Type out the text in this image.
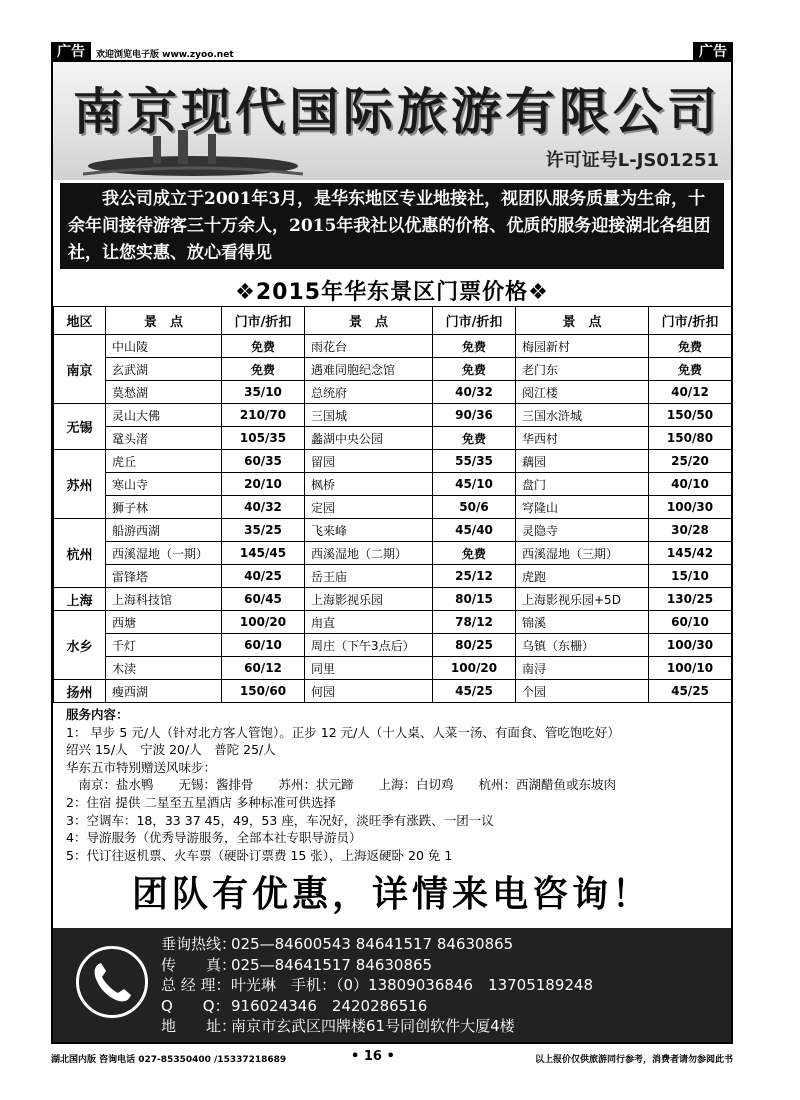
广告	欢迎浏览电子版 www.zyoo.net	广告
南京现代国际旅游有限公司
许可证号L-JS01251
我公司成立于2001年3月，是华东地区专业地接社，视团队服务质量为生命，十余年间接待游客三十万余人，2015年我社以优惠的价格、优质的服务迎接湖北各组团社，让您实惠、放心看得见
❖2015年华东景区门票价格❖
地区	景　点	门市/折扣	景　点	门市/折扣	景　点	门市/折扣
南京	中山陵	免费	雨花台	免费	梅园新村	免费
	玄武湖	免费	遇难同胞纪念馆	免费	老门东	免费
	莫愁湖	35/10	总统府	40/32	阅江楼	40/12
无锡	灵山大佛	210/70	三国城	90/36	三国水浒城	150/50
	鼋头渚	105/35	蠡湖中央公园	免费	华西村	150/80
苏州	虎丘	60/35	留园	55/35	藕园	25/20
	寒山寺	20/10	枫桥	45/10	盘门	40/10
	狮子林	40/32	定园	50/6	穹隆山	100/30
杭州	船游西湖	35/25	飞来峰	45/40	灵隐寺	30/28
	西溪湿地（一期）	145/45	西溪湿地（二期）	免费	西溪湿地（三期）	145/42
	雷锋塔	40/25	岳王庙	25/12	虎跑	15/10
上海	上海科技馆	60/45	上海影视乐园	80/15	上海影视乐园+5D	130/25
水乡	西塘	100/20	甪直	78/12	锦溪	60/10
	千灯	60/10	周庄（下午3点后）	80/25	乌镇（东栅）	100/30
	木渎	60/12	同里	100/20	南浔	100/10
扬州	瘦西湖	150/60	何园	45/25	个园	45/25
服务内容：
1： 早步 5 元/人（针对北方客人管饱）。正步 12 元/人（十人桌、人菜一汤、有面食、管吃饱吃好）
绍兴 15/人　宁波 20/人　普陀 25/人
华东五市特别赠送风味步：
　南京：盐水鸭　　无锡：酱排骨　　苏州：状元蹄　　上海：白切鸡　　杭州：西湖醋鱼或东坡肉
2：住宿 提供 二星至五星酒店 多种标准可供选择
3：空调车：18，33 37 45，49，53 座，车况好，淡旺季有涨跌、一团一议
4：导游服务（优秀导游服务，全部本社专职导游员）
5：代订往返机票、火车票（硬卧订票费 15 张），上海返硬卧 20 免 1
团队有优惠，详情来电咨询！
垂询热线：025—84600543 84641517 84630865
传　　真：025—84641517 84630865
总 经 理：叶光琳　手机：（0）13809036846　13705189248
Q　　Q：916024346　2420286516
地　　址：南京市玄武区四牌楼61号同创软件大厦4楼
湖北国内版 咨询电话 027-85350400 /15337218689	• 16 •	以上报价仅供旅游同行参考，消费者请勿参阅此书
